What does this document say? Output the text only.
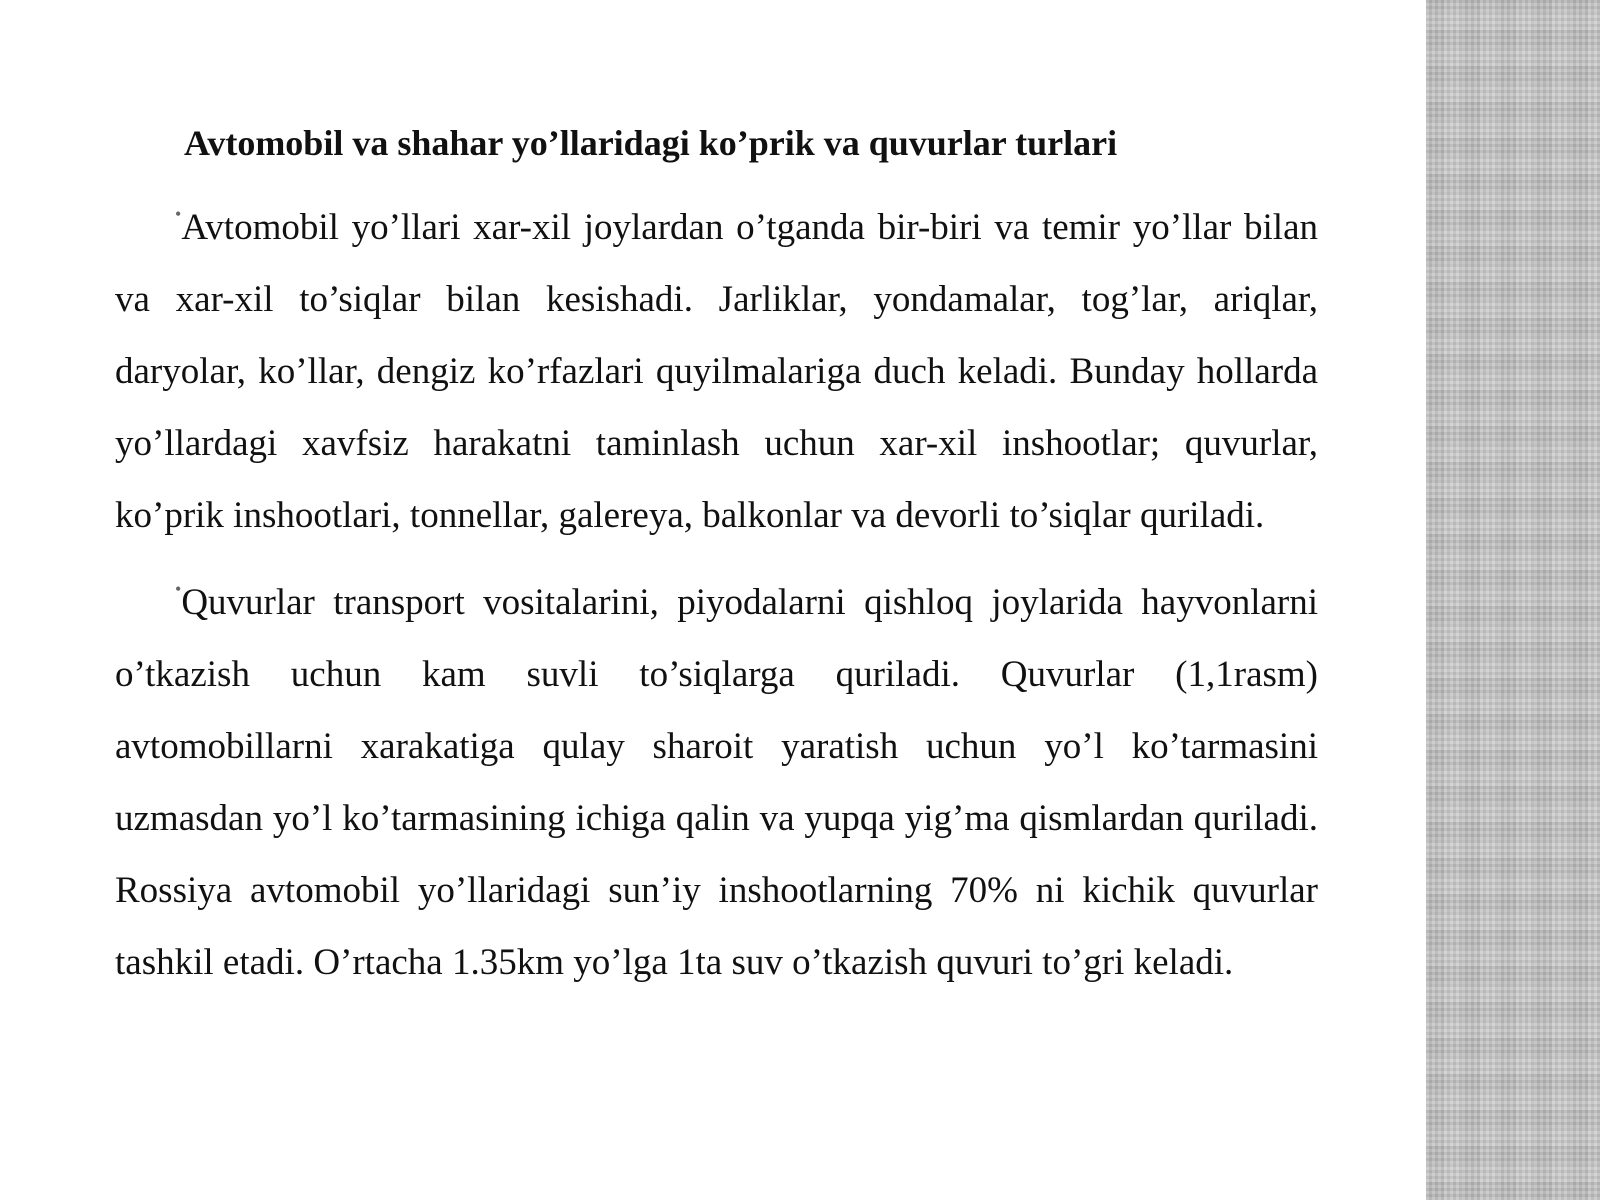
Avtomobil va shahar yo’llaridagi ko’prik va quvurlar turlari

•Avtomobil yo’llari xar-xil joylardan o’tganda bir-biri va temir yo’llar bilan va xar-xil to’siqlar bilan kesishadi. Jarliklar, yondamalar, tog’lar, ariqlar, daryolar, ko’llar, dengiz ko’rfazlari quyilmalariga duch keladi. Bunday hollarda yo’llardagi xavfsiz harakatni taminlash uchun xar-xil inshootlar; quvurlar, ko’prik inshootlari, tonnellar, galereya, balkonlar va devorli to’siqlar quriladi.

•Quvurlar transport vositalarini, piyodalarni qishloq joylarida hayvonlarni o’tkazish uchun kam suvli to’siqlarga quriladi. Quvurlar (1,1rasm) avtomobillarni xarakatiga qulay sharoit yaratish uchun yo’l ko’tarmasini uzmasdan yo’l ko’tarmasining ichiga qalin va yupqa yig’ma qismlardan quriladi. Rossiya avtomobil yo’llaridagi sun’iy inshootlarning 70% ni kichik quvurlar tashkil etadi. O’rtacha 1.35km yo’lga 1ta suv o’tkazish quvuri to’gri keladi.
